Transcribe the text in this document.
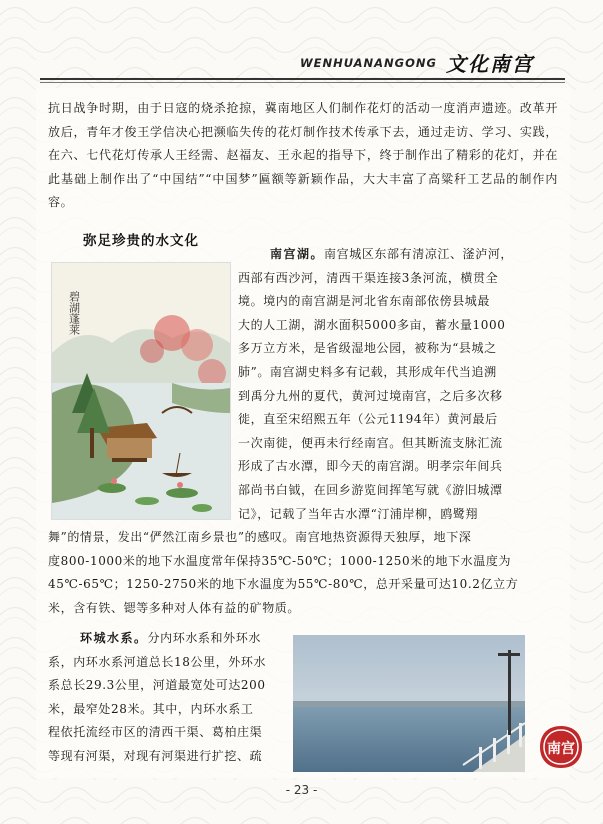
WENHUANANGONG 文化南宫
抗日战争时期，由于日寇的烧杀抢掠，冀南地区人们制作花灯的活动一度消声遗迹。改革开放后，青年才俊王学信决心把濒临失传的花灯制作技术传承下去，通过走访、学习、实践，在六、七代花灯传承人王经需、赵福友、王永起的指导下，终于制作出了精彩的花灯，并在此基础上制作出了“中国结”“中国梦”匾额等新颖作品，大大丰富了高粱秆工艺品的制作内容。
弥足珍贵的水文化
碧湖蓬莱
南宫湖。南宫城区东部有清凉江、滏泸河，
西部有西沙河，清西干渠连接3条河流，横贯全
境。境内的南宫湖是河北省东南部依傍县城最
大的人工湖，湖水面积5000多亩，蓄水量1000
多万立方米，是省级湿地公园，被称为“县城之
肺”。南宫湖史料多有记载，其形成年代当追溯
到禹分九州的夏代，黄河过境南宫，之后多次移
徙，直至宋绍熙五年（公元1194年）黄河最后
一次南徙，便再未行经南宫。但其断流支脉汇流
形成了古水潭，即今天的南宫湖。明孝宗年间兵
部尚书白钺，在回乡游览间挥笔写就《游旧城潭
记》，记载了当年古水潭“汀浦岸柳，鸥鹭翔
舞”的情景，发出“俨然江南乡景也”的感叹。南宫地热资源得天独厚，地下深
度800-1000米的地下水温度常年保持35℃-50℃；1000-1250米的地下水温度为
45℃-65℃；1250-2750米的地下水温度为55℃-80℃，总开采量可达10.2亿立方
米，含有铁、锶等多种对人体有益的矿物质。
环城水系。分内环水系和外环水
系，内环水系河道总长18公里，外环水
系总长29.3公里，河道最宽处可达200
米，最窄处28米。其中，内环水系工
程依托流经市区的清西干渠、葛柏庄渠
等现有河渠，对现有河渠进行扩挖、疏	南宫
- 23 -
